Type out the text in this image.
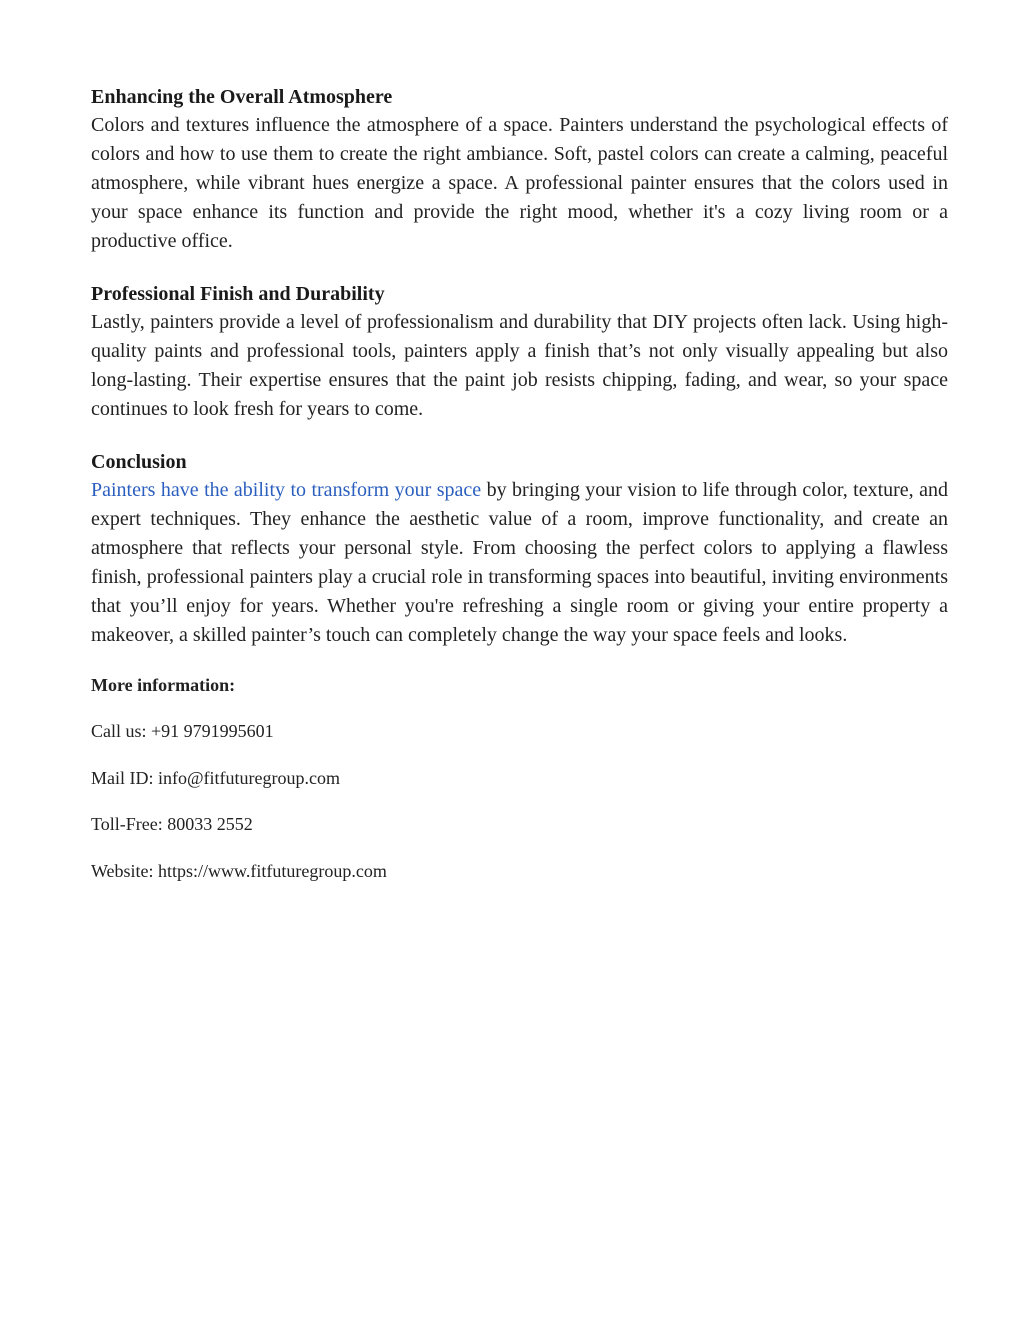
Enhancing the Overall Atmosphere

Colors and textures influence the atmosphere of a space. Painters understand the psychological effects of colors and how to use them to create the right ambiance. Soft, pastel colors can create a calming, peaceful atmosphere, while vibrant hues energize a space. A professional painter ensures that the colors used in your space enhance its function and provide the right mood, whether it's a cozy living room or a productive office.

Professional Finish and Durability

Lastly, painters provide a level of professionalism and durability that DIY projects often lack. Using high-quality paints and professional tools, painters apply a finish that’s not only visually appealing but also long-lasting. Their expertise ensures that the paint job resists chipping, fading, and wear, so your space continues to look fresh for years to come.

Conclusion

Painters have the ability to transform your space by bringing your vision to life through color, texture, and expert techniques. They enhance the aesthetic value of a room, improve functionality, and create an atmosphere that reflects your personal style. From choosing the perfect colors to applying a flawless finish, professional painters play a crucial role in transforming spaces into beautiful, inviting environments that you’ll enjoy for years. Whether you're refreshing a single room or giving your entire property a makeover, a skilled painter’s touch can completely change the way your space feels and looks.

More information:
Call us: +91 9791995601
Mail ID: info@fitfuturegroup.com
Toll-Free: 80033 2552
Website: https://www.fitfuturegroup.com
